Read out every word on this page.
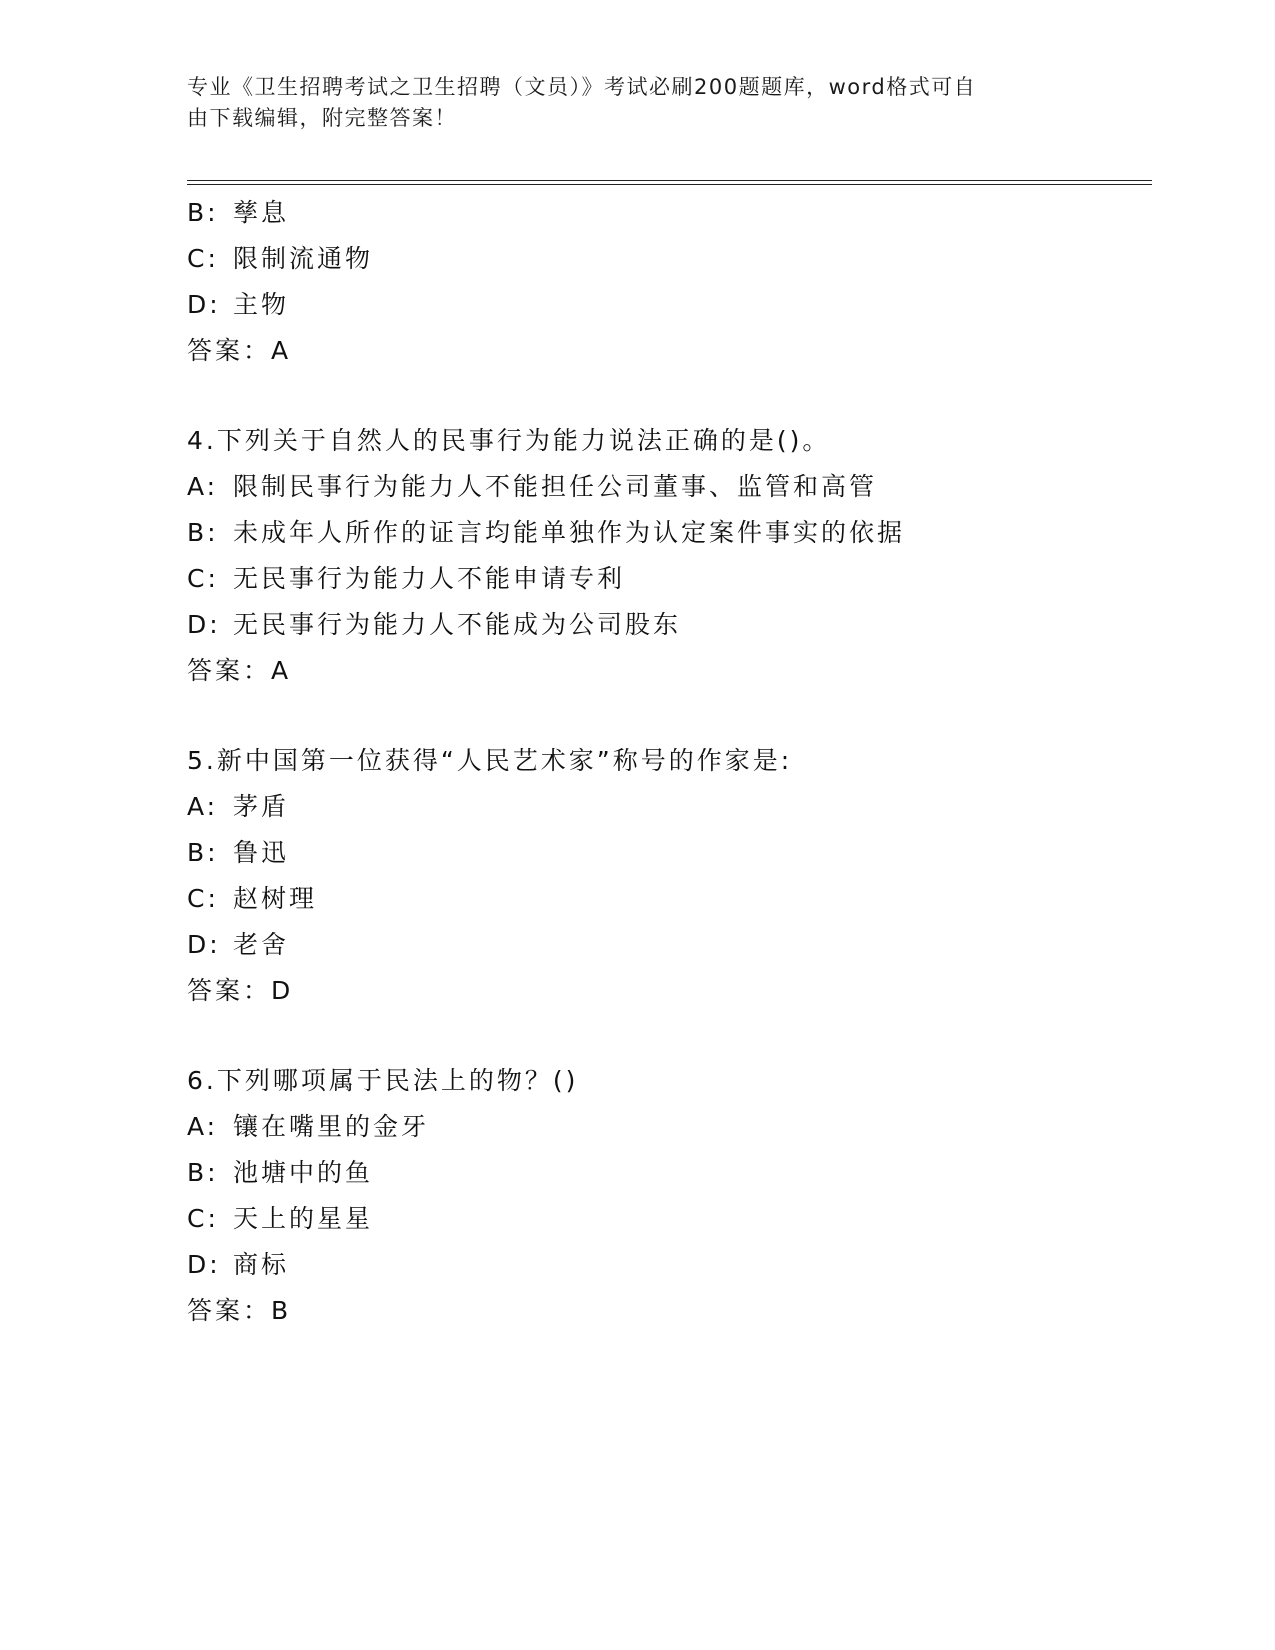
专业《卫生招聘考试之卫生招聘（文员）》考试必刷200题题库，word格式可自
由下载编辑，附完整答案！
B: 孳息
C: 限制流通物
D: 主物
答案：A
4.下列关于自然人的民事行为能力说法正确的是()。
A: 限制民事行为能力人不能担任公司董事、监管和高管
B: 未成年人所作的证言均能单独作为认定案件事实的依据
C: 无民事行为能力人不能申请专利
D: 无民事行为能力人不能成为公司股东
答案：A
5.新中国第一位获得“人民艺术家”称号的作家是:
A: 茅盾
B: 鲁迅
C: 赵树理
D: 老舍
答案：D
6.下列哪项属于民法上的物？()
A: 镶在嘴里的金牙
B: 池塘中的鱼
C: 天上的星星
D: 商标
答案：B
